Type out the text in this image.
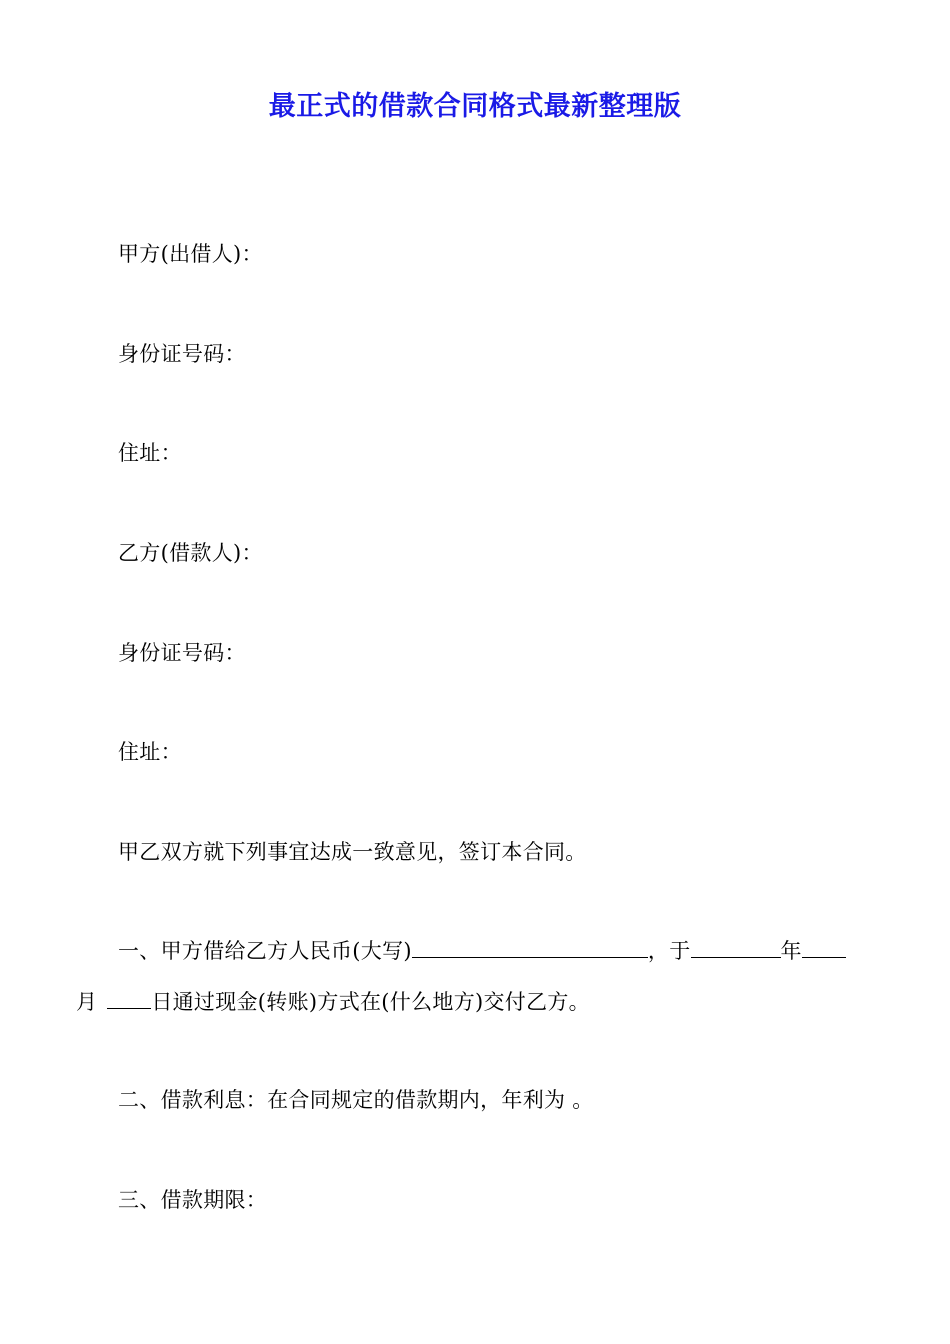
最正式的借款合同格式最新整理版
甲方(出借人)：
身份证号码：
住址：
乙方(借款人)：
身份证号码：
住址：
甲乙双方就下列事宜达成一致意见，签订本合同。
一、甲方借给乙方人民币(大写)	，于	年
月	日通过现金(转账)方式在(什么地方)交付乙方。
二、借款利息：在合同规定的借款期内，年利为 。
三、借款期限：
